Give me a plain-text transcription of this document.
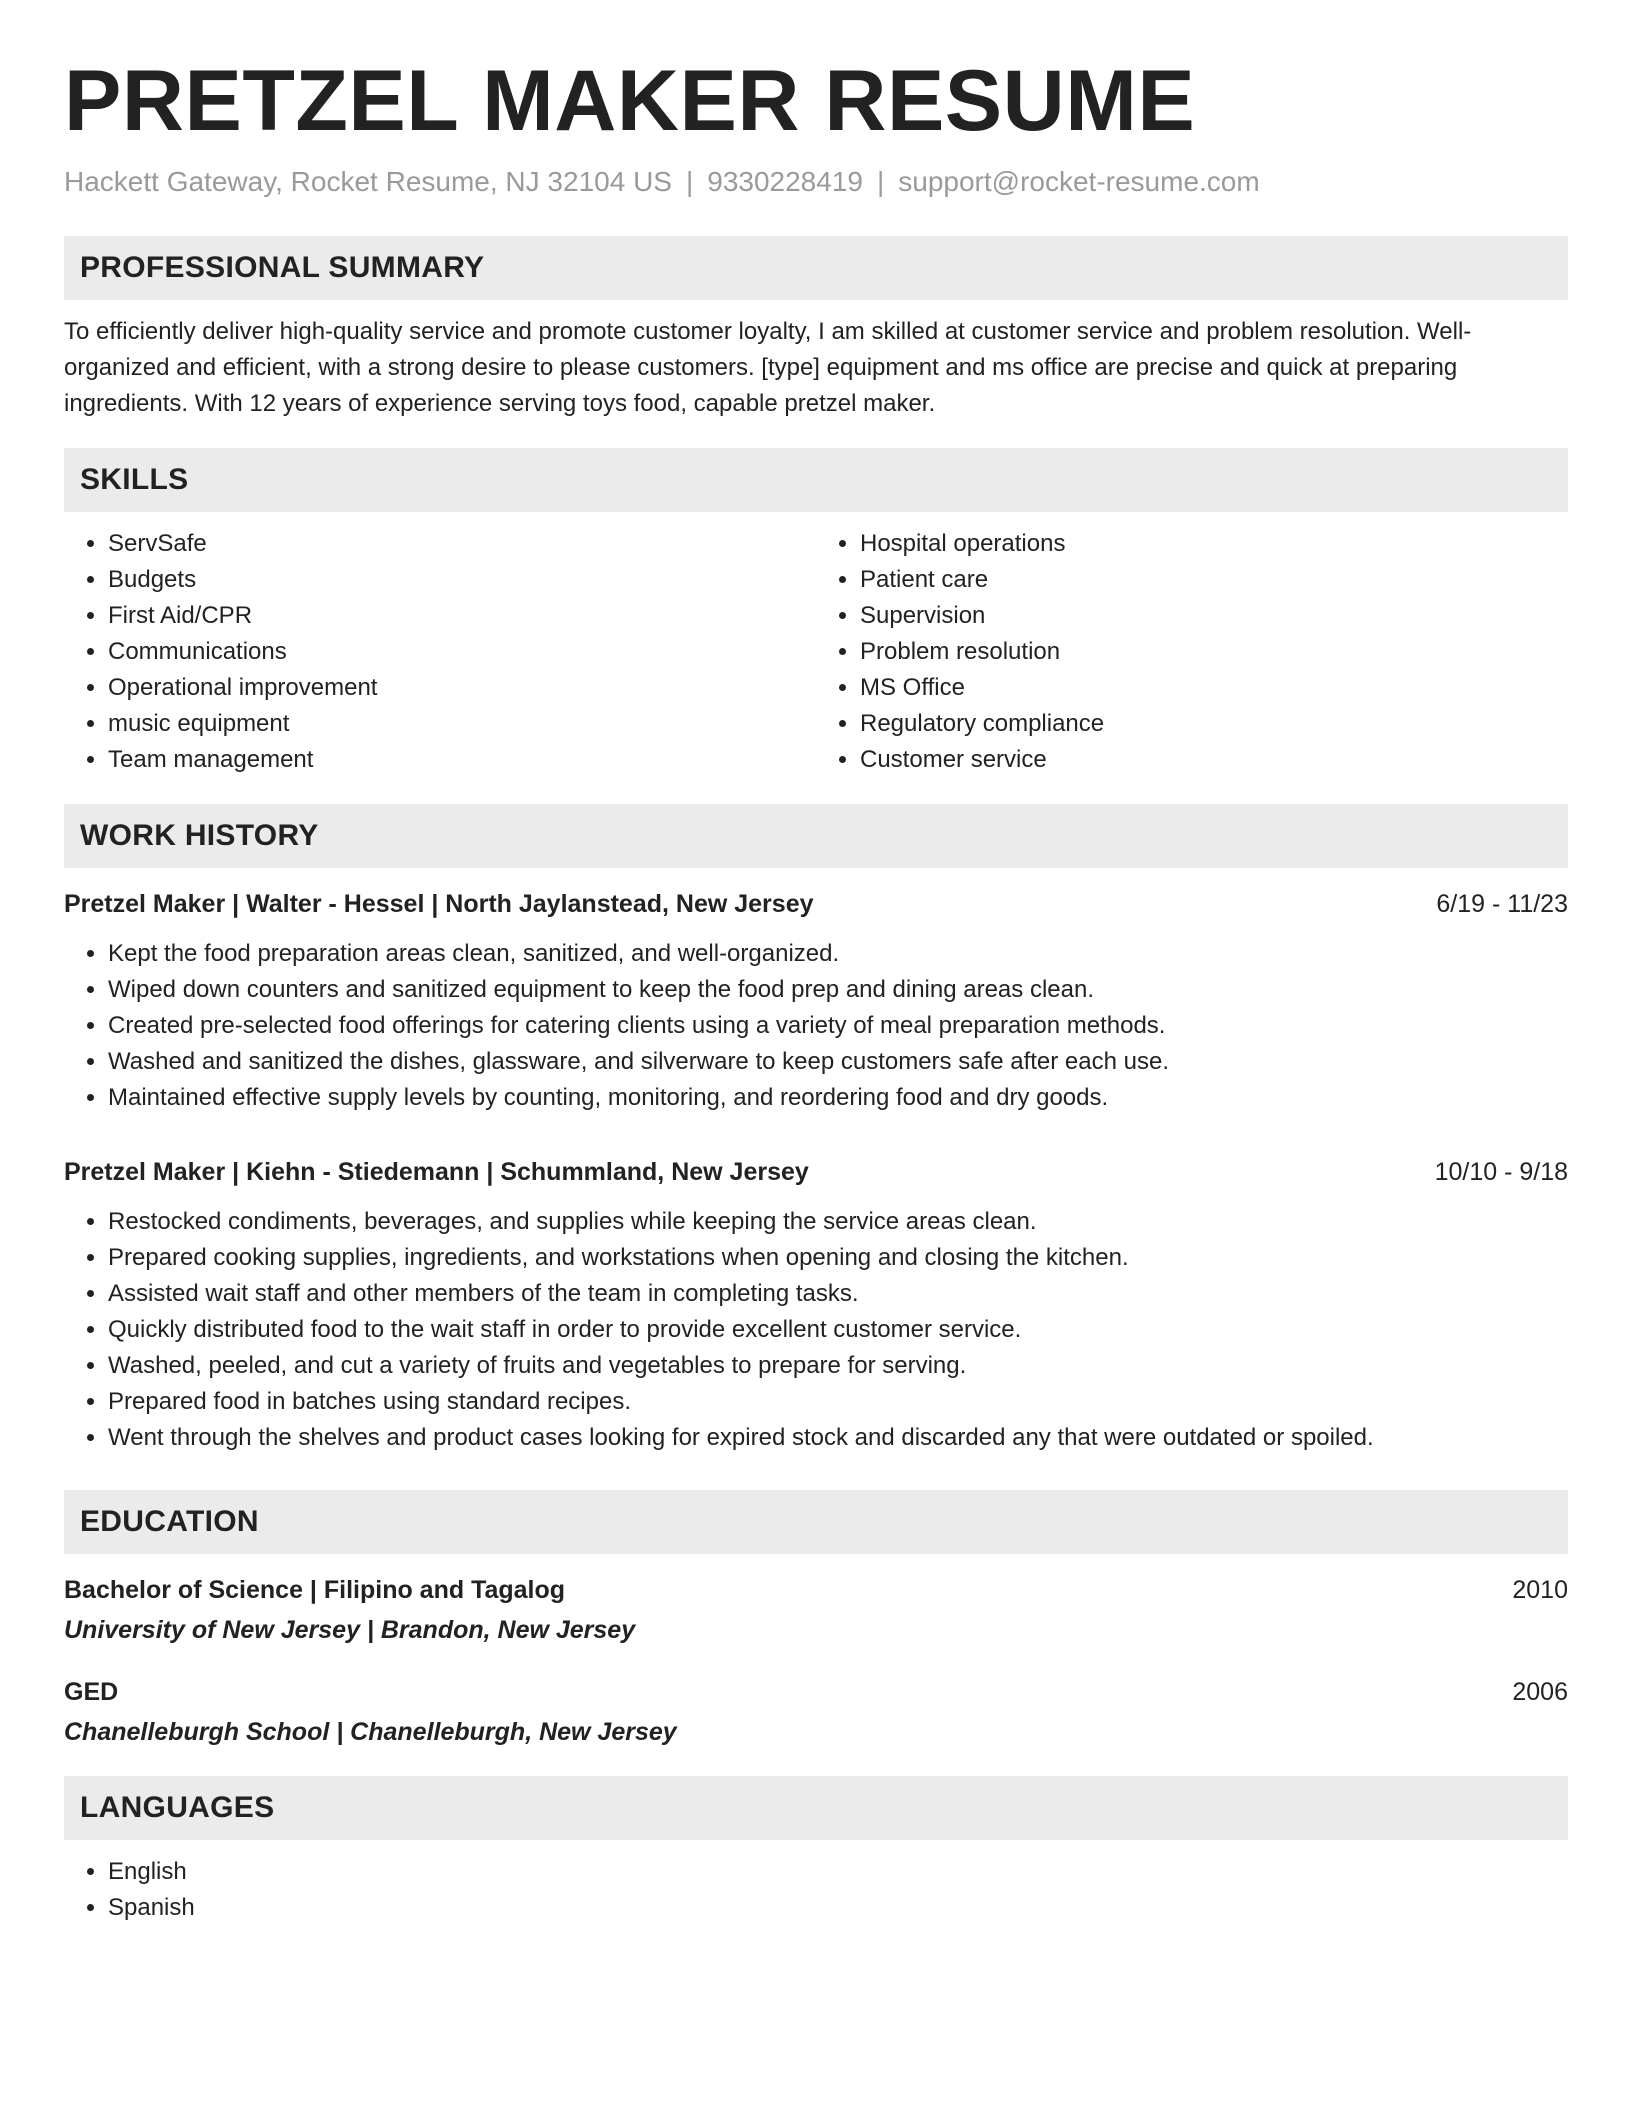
PRETZEL MAKER RESUME
Hackett Gateway, Rocket Resume, NJ 32104 US | 9330228419 | support@rocket-resume.com
PROFESSIONAL SUMMARY

To efficiently deliver high-quality service and promote customer loyalty, I am skilled at customer service and problem resolution. Well-organized and efficient, with a strong desire to please customers. [type] equipment and ms office are precise and quick at preparing ingredients. With 12 years of experience serving toys food, capable pretzel maker.

SKILLS
• ServSafe
• Budgets
• First Aid/CPR
• Communications
• Operational improvement
• music equipment
• Team management
• Hospital operations
• Patient care
• Supervision
• Problem resolution
• MS Office
• Regulatory compliance
• Customer service
WORK HISTORY
Pretzel Maker | Walter - Hessel | North Jaylanstead, New Jersey	6/19 - 11/23
• Kept the food preparation areas clean, sanitized, and well-organized.
• Wiped down counters and sanitized equipment to keep the food prep and dining areas clean.
• Created pre-selected food offerings for catering clients using a variety of meal preparation methods.
• Washed and sanitized the dishes, glassware, and silverware to keep customers safe after each use.
• Maintained effective supply levels by counting, monitoring, and reordering food and dry goods.
Pretzel Maker | Kiehn - Stiedemann | Schummland, New Jersey	10/10 - 9/18
• Restocked condiments, beverages, and supplies while keeping the service areas clean.
• Prepared cooking supplies, ingredients, and workstations when opening and closing the kitchen.
• Assisted wait staff and other members of the team in completing tasks.
• Quickly distributed food to the wait staff in order to provide excellent customer service.
• Washed, peeled, and cut a variety of fruits and vegetables to prepare for serving.
• Prepared food in batches using standard recipes.
• Went through the shelves and product cases looking for expired stock and discarded any that were outdated or spoiled.
EDUCATION
Bachelor of Science | Filipino and Tagalog	2010
University of New Jersey | Brandon, New Jersey
GED	2006
Chanelleburgh School | Chanelleburgh, New Jersey
LANGUAGES
• English
• Spanish
